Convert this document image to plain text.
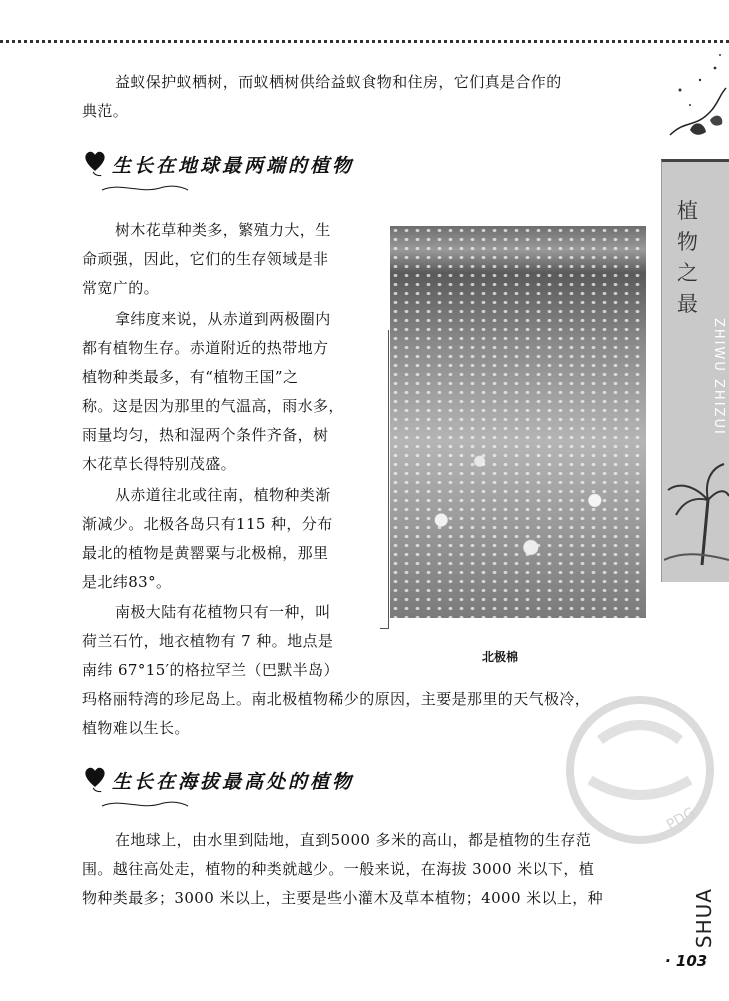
益蚁保护蚁栖树，而蚁栖树供给益蚁食物和住房，它们真是合作的

典范。

生长在地球最两端的植物
北极棉

树木花草种类多，繁殖力大，生

命顽强，因此，它们的生存领域是非

常宽广的。

拿纬度来说，从赤道到两极圈内

都有植物生存。赤道附近的热带地方

植物种类最多，有“植物王国”之

称。这是因为那里的气温高，雨水多，

雨量均匀，热和湿两个条件齐备，树

木花草长得特别茂盛。

从赤道往北或往南，植物种类渐

渐减少。北极各岛只有115 种，分布

最北的植物是黄罂粟与北极棉，那里

是北纬83°。

南极大陆有花植物只有一种，叫

荷兰石竹，地衣植物有 7 种。地点是

南纬 67°15′的格拉罕兰（巴默半岛）

玛格丽特湾的珍尼岛上。南北极植物稀少的原因，主要是那里的天气极冷，

植物难以生长。

生长在海拔最高处的植物

在地球上，由水里到陆地，直到5000 多米的高山，都是植物的生存范

围。越往高处走，植物的种类就越少。一般来说，在海拔 3000 米以下，植

物种类最多；3000 米以上，主要是些小灌木及草本植物；4000 米以上，种

PDG
植
物
之
最
ZHIWU ZHIZUI
SHUA
· 103
